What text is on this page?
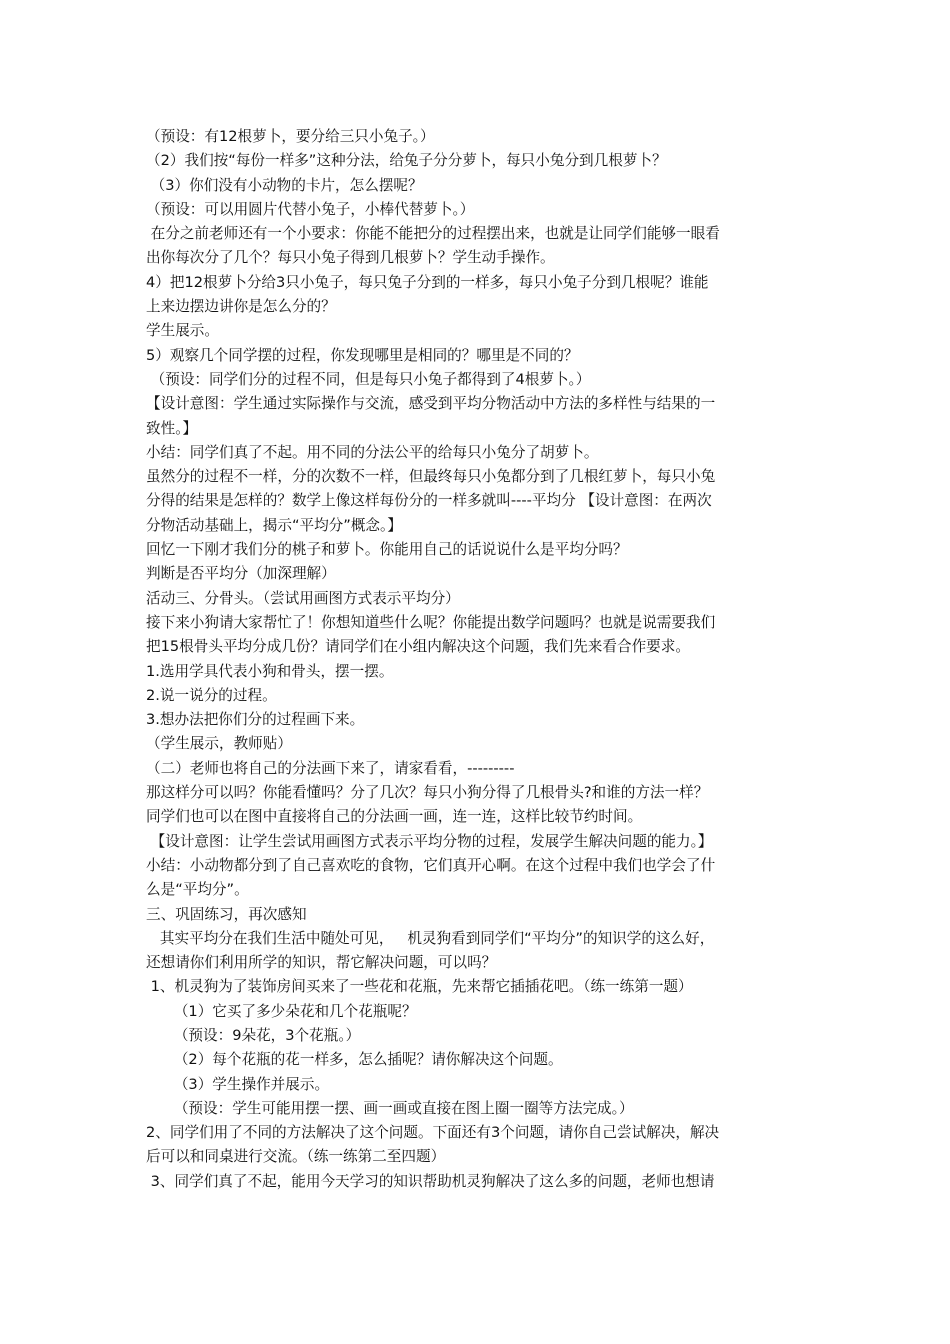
（预设：有12根萝卜，要分给三只小兔子。）
（2）我们按“每份一样多”这种分法，给兔子分分萝卜，每只小兔分到几根萝卜？
（3）你们没有小动物的卡片，怎么摆呢？
（预设：可以用圆片代替小兔子，小棒代替萝卜。）
在分之前老师还有一个小要求：你能不能把分的过程摆出来，也就是让同学们能够一眼看
出你每次分了几个？每只小兔子得到几根萝卜？学生动手操作。
4）把12根萝卜分给3只小兔子，每只兔子分到的一样多，每只小兔子分到几根呢？谁能
上来边摆边讲你是怎么分的？
学生展示。
5）观察几个同学摆的过程，你发现哪里是相同的？哪里是不同的？
（预设：同学们分的过程不同，但是每只小兔子都得到了4根萝卜。）
【设计意图：学生通过实际操作与交流，感受到平均分物活动中方法的多样性与结果的一
致性。】
小结：同学们真了不起。用不同的分法公平的给每只小兔分了胡萝卜。
虽然分的过程不一样，分的次数不一样，但最终每只小兔都分到了几根红萝卜，每只小兔
分得的结果是怎样的？数学上像这样每份分的一样多就叫----平均分 【设计意图：在两次
分物活动基础上，揭示“平均分”概念。】
回忆一下刚才我们分的桃子和萝卜。你能用自己的话说说什么是平均分吗？
判断是否平均分（加深理解）
活动三、分骨头。（尝试用画图方式表示平均分）
接下来小狗请大家帮忙了！你想知道些什么呢？你能提出数学问题吗？也就是说需要我们
把15根骨头平均分成几份？请同学们在小组内解决这个问题，我们先来看合作要求。
1.选用学具代表小狗和骨头，摆一摆。
2.说一说分的过程。
3.想办法把你们分的过程画下来。
（学生展示，教师贴）
（二）老师也将自己的分法画下来了，请家看看，---------
那这样分可以吗？你能看懂吗？分了几次？每只小狗分得了几根骨头?和谁的方法一样？
同学们也可以在图中直接将自己的分法画一画，连一连，这样比较节约时间。
【设计意图：让学生尝试用画图方式表示平均分物的过程，发展学生解决问题的能力。】
小结：小动物都分到了自己喜欢吃的食物，它们真开心啊。在这个过程中我们也学会了什
么是“平均分”。
三、巩固练习，再次感知
其实平均分在我们生活中随处可见，   机灵狗看到同学们“平均分”的知识学的这么好，
还想请你们利用所学的知识，帮它解决问题，可以吗？
1、机灵狗为了装饰房间买来了一些花和花瓶，先来帮它插插花吧。（练一练第一题）
（1）它买了多少朵花和几个花瓶呢？
（预设：9朵花，3个花瓶。）
（2）每个花瓶的花一样多，怎么插呢？请你解决这个问题。
（3）学生操作并展示。
（预设：学生可能用摆一摆、画一画或直接在图上圈一圈等方法完成。）
2、同学们用了不同的方法解决了这个问题。下面还有3个问题，请你自己尝试解决，解决
后可以和同桌进行交流。（练一练第二至四题）
3、同学们真了不起，能用今天学习的知识帮助机灵狗解决了这么多的问题，老师也想请
